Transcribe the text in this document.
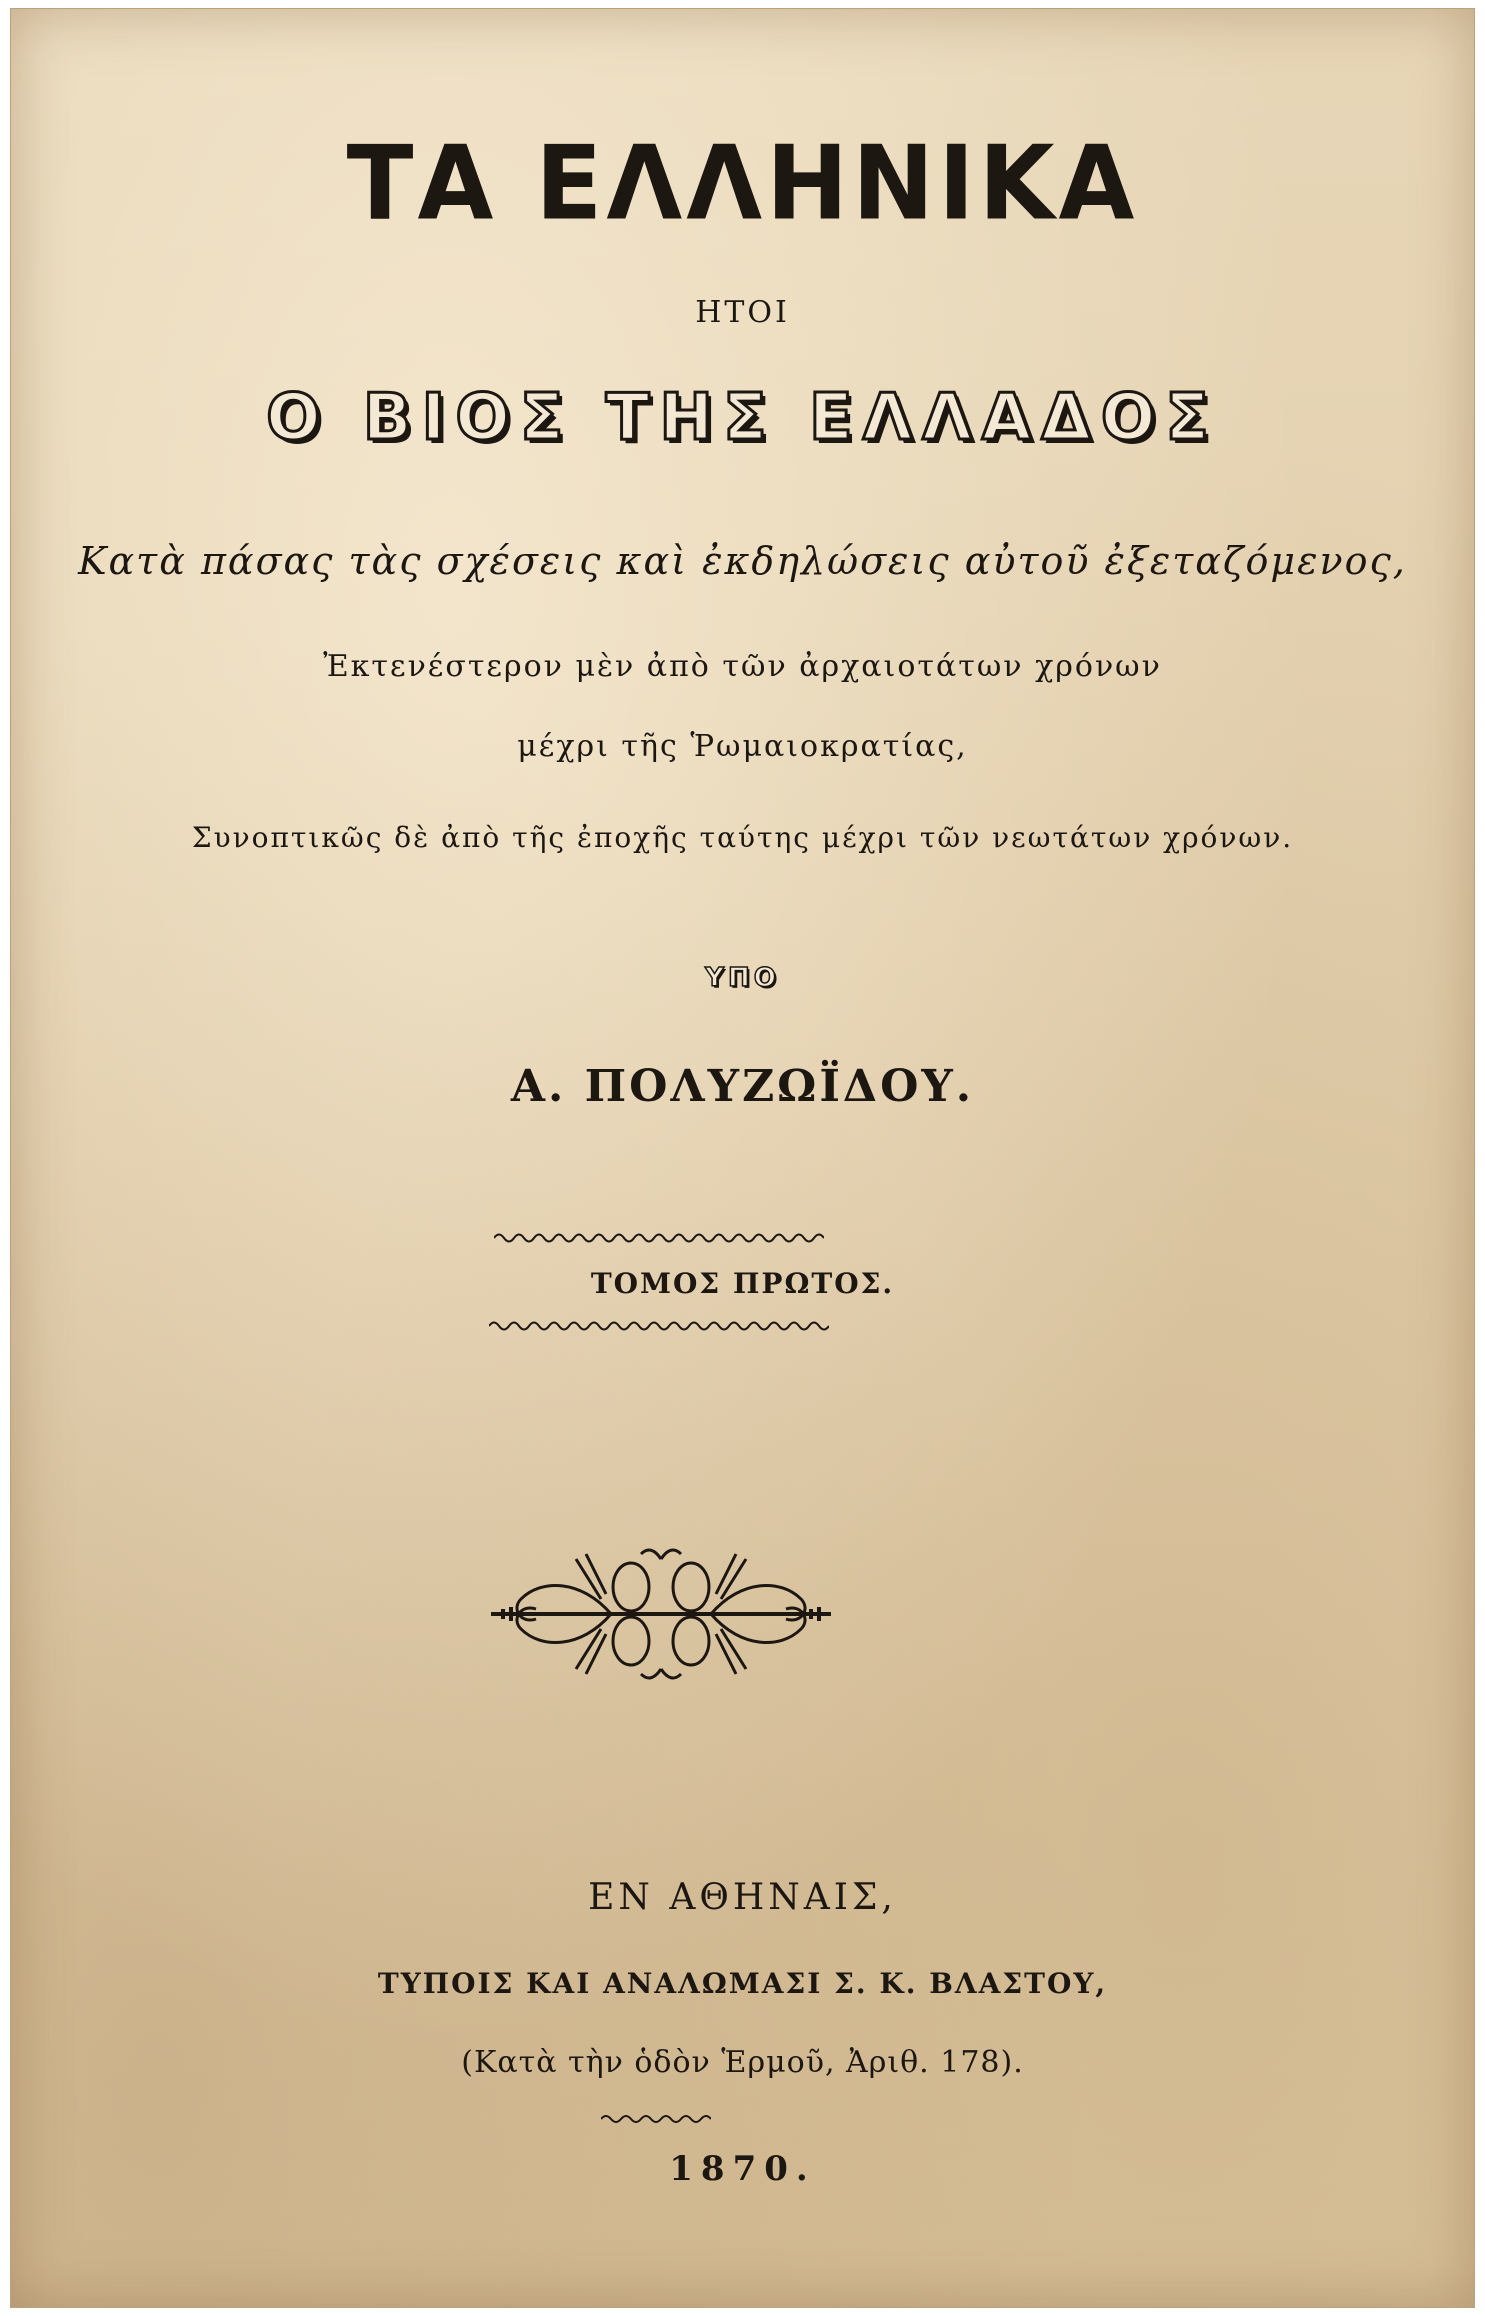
ΤΑ ΕΛΛΗΝΙΚΑ
ΗΤΟΙ
Ο ΒΙΟΣ ΤΗΣ ΕΛΛΑΔΟΣ
Κατὰ πάσας τὰς σχέσεις καὶ ἐκδηλώσεις αὐτοῦ ἐξεταζόμενος,
Ἐκτενέστερον μὲν ἀπὸ τῶν ἀρχαιοτάτων χρόνων
μέχρι τῆς Ῥωμαιοκρατίας,
Συνοπτικῶς δὲ ἀπὸ τῆς ἐποχῆς ταύτης μέχρι τῶν νεωτάτων χρόνων.
ΥΠΟ
Α. ΠΟΛΥΖΩΪΔΟΥ.
ΤΟΜΟΣ ΠΡΩΤΟΣ.
ΕΝ ΑΘΗΝΑΙΣ,
ΤΥΠΟΙΣ ΚΑΙ ΑΝΑΛΩΜΑΣΙ Σ. Κ. ΒΛΑΣΤΟΥ,
(Κατὰ τὴν ὁδὸν Ἑρμοῦ, Ἀριθ. 178).
1870.
